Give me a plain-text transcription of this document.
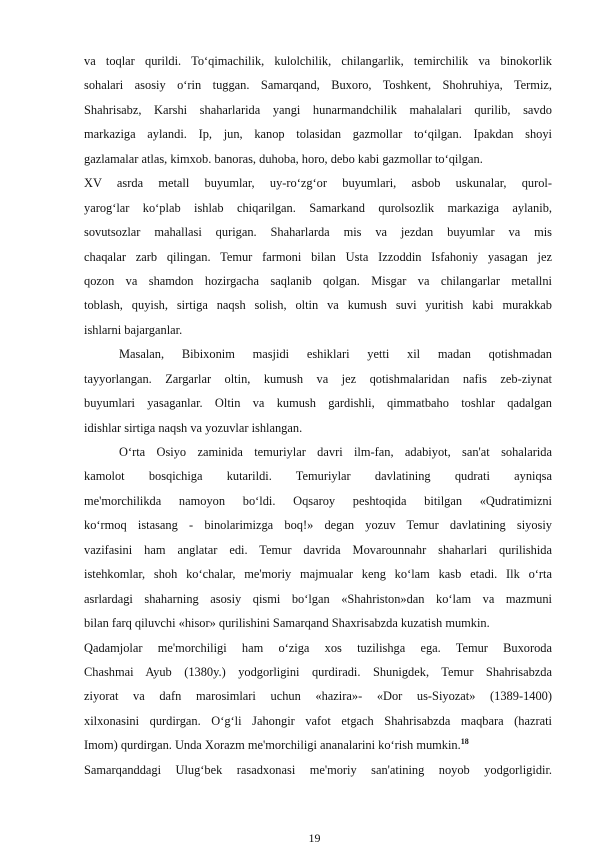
va toqlar qurildi. To‘qimachilik, kulolchilik, chilangarlik, temirchilik va binokorlik
sohalari asosiy o‘rin tuggan. Samarqand, Buxoro, Toshkent, Shohruhiya, Termiz,
Shahrisabz, Karshi shaharlarida yangi hunarmandchilik mahalalari qurilib, savdo
markaziga aylandi. Ip, jun, kanop tolasidan gazmollar to‘qilgan. Ipakdan shoyi
gazlamalar atlas, kimxob. banoras, duhoba, horo, debo kabi gazmollar to‘qilgan.
XV asrda metall buyumlar, uy-ro‘zg‘or buyumlari, asbob uskunalar, qurol-
yarog‘lar ko‘plab ishlab chiqarilgan. Samarkand qurolsozlik markaziga aylanib,
sovutsozlar mahallasi qurigan. Shaharlarda mis va jezdan buyumlar va mis
chaqalar zarb qilingan. Temur farmoni bilan Usta Izzoddin Isfahoniy yasagan jez
qozon va shamdon hozirgacha saqlanib qolgan. Misgar va chilangarlar metallni
toblash, quyish, sirtiga naqsh solish, oltin va kumush suvi yuritish kabi murakkab
ishlarni bajarganlar.
Masalan, Bibixonim masjidi eshiklari yetti xil madan qotishmadan
tayyorlangan. Zargarlar oltin, kumush va jez qotishmalaridan nafis zeb-ziynat
buyumlari yasaganlar. Oltin va kumush gardishli, qimmatbaho toshlar qadalgan
idishlar sirtiga naqsh va yozuvlar ishlangan.
O‘rta Osiyo zaminida temuriylar davri ilm-fan, adabiyot, san'at sohalarida
kamolot bosqichiga kutarildi. Temuriylar davlatining qudrati ayniqsa
me'morchilikda namoyon bo‘ldi. Oqsaroy peshtoqida bitilgan «Qudratimizni
ko‘rmoq istasang - binolarimizga boq!» degan yozuv Temur davlatining siyosiy
vazifasini ham anglatar edi. Temur davrida Movarounnahr shaharlari qurilishida
istehkomlar, shoh ko‘chalar, me'moriy majmualar keng ko‘lam kasb etadi. Ilk o‘rta
asrlardagi shaharning asosiy qismi bo‘lgan «Shahriston»dan ko‘lam va mazmuni
bilan farq qiluvchi «hisor» qurilishini Samarqand Shaxrisabzda kuzatish mumkin.
Qadamjolar me'morchiligi ham o‘ziga xos tuzilishga ega. Temur Buxoroda
Chashmai Ayub (1380y.) yodgorligini qurdiradi. Shunigdek, Temur Shahrisabzda
ziyorat va dafn marosimlari uchun «hazira»- «Dor us-Siyozat» (1389-1400)
xilxonasini qurdirgan. O‘g‘li Jahongir vafot etgach Shahrisabzda maqbara (hazrati
Imom) qurdirgan. Unda Xorazm me'morchiligi ananalarini ko‘rish mumkin.$^{18}$
Samarqanddagi Ulug‘bek rasadxonasi me'moriy san'atining noyob yodgorligidir.
19
